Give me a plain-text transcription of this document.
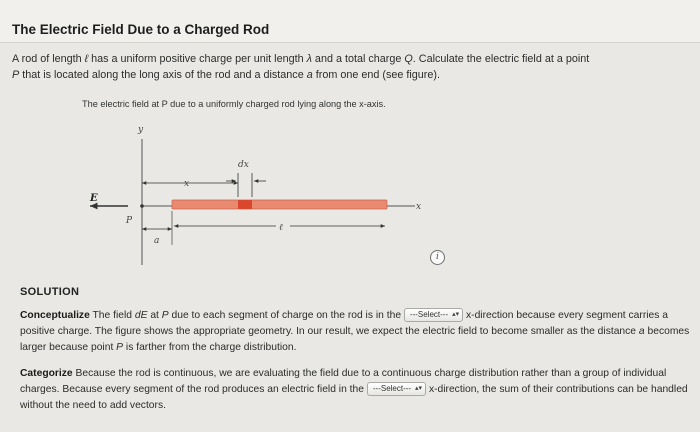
The Electric Field Due to a Charged Rod
A rod of length ℓ has a uniform positive charge per unit length λ and a total charge Q. Calculate the electric field at a point
P that is located along the long axis of the rod and a distance a from one end (see figure).
The electric field at P due to a uniformly charged rod lying along the x-axis.
y
x
dx
x
E
P
a
ℓ
i
SOLUTION
Conceptualize The field dE at P due to each segment of charge on the rod is in the ---Select--- ▴▾ x-direction because every segment carries a positive charge. The figure shows the appropriate geometry. In our result, we expect the electric field to become smaller as the distance a becomes larger because point P is farther from the charge distribution.
Categorize Because the rod is continuous, we are evaluating the field due to a continuous charge distribution rather than a group of individual charges. Because every segment of the rod produces an electric field in the ---Select--- ▴▾ x-direction, the sum of their contributions can be handled without the need to add vectors.
